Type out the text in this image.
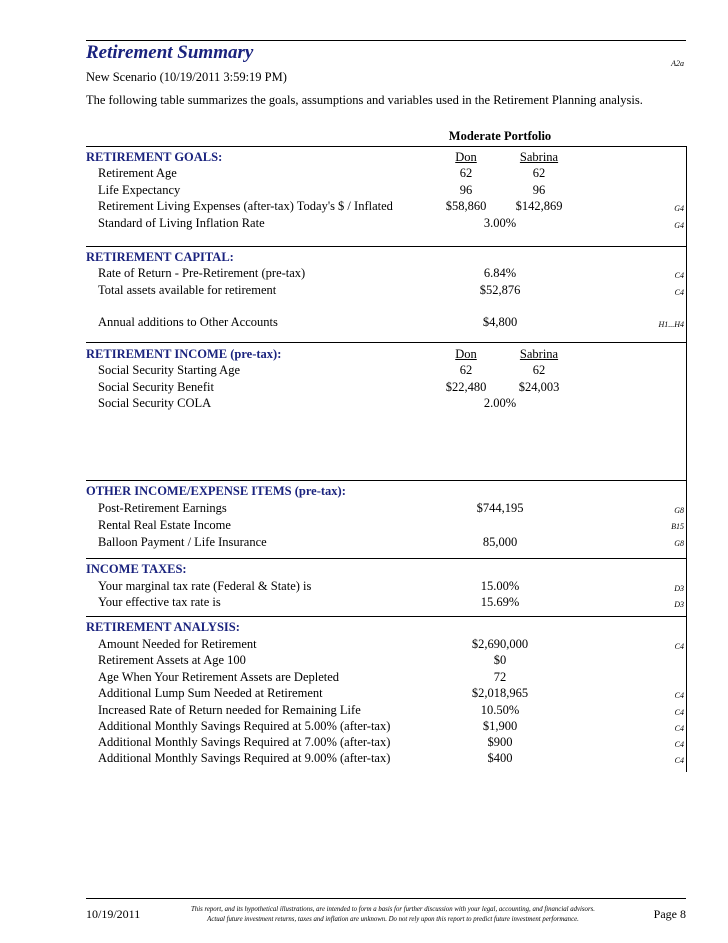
Retirement Summary
A2a
New Scenario (10/19/2011 3:59:19 PM)
The following table summarizes the goals, assumptions and variables used in the Retirement Planning analysis.
Moderate Portfolio
RETIREMENT GOALS:	Don	Sabrina
Retirement Age	62	62
Life Expectancy	96	96
Retirement Living Expenses (after-tax) Today's $ / Inflated	$58,860	$142,869	G4
Standard of Living Inflation Rate	3.00%	G4
RETIREMENT CAPITAL:
Rate of Return - Pre-Retirement (pre-tax)	6.84%	C4
Total assets available for retirement	$52,876	C4
Annual additions to Other Accounts	$4,800	H1...H4
RETIREMENT INCOME (pre-tax):	Don	Sabrina
Social Security Starting Age	62	62
Social Security Benefit	$22,480	$24,003
Social Security COLA	2.00%
OTHER INCOME/EXPENSE ITEMS (pre-tax):
Post-Retirement Earnings	$744,195	G8
Rental Real Estate Income	B15
Balloon Payment / Life Insurance	85,000	G8
INCOME TAXES:
Your marginal tax rate (Federal & State) is	15.00%	D3
Your effective tax rate is	15.69%	D3
RETIREMENT ANALYSIS:
Amount Needed for Retirement	$2,690,000	C4
Retirement Assets at Age 100	$0
Age When Your Retirement Assets are Depleted	72
Additional Lump Sum Needed at Retirement	$2,018,965	C4
Increased Rate of Return needed for Remaining Life	10.50%	C4
Additional Monthly Savings Required at 5.00% (after-tax)	$1,900	C4
Additional Monthly Savings Required at 7.00% (after-tax)	$900	C4
Additional Monthly Savings Required at 9.00% (after-tax)	$400	C4
10/19/2011	This report, and its hypothetical illustrations, are intended to form a basis for further discussion with your legal, accounting, and financial advisors.
Actual future investment returns, taxes and inflation are unknown. Do not rely upon this report to predict future investment performance.	Page 8
